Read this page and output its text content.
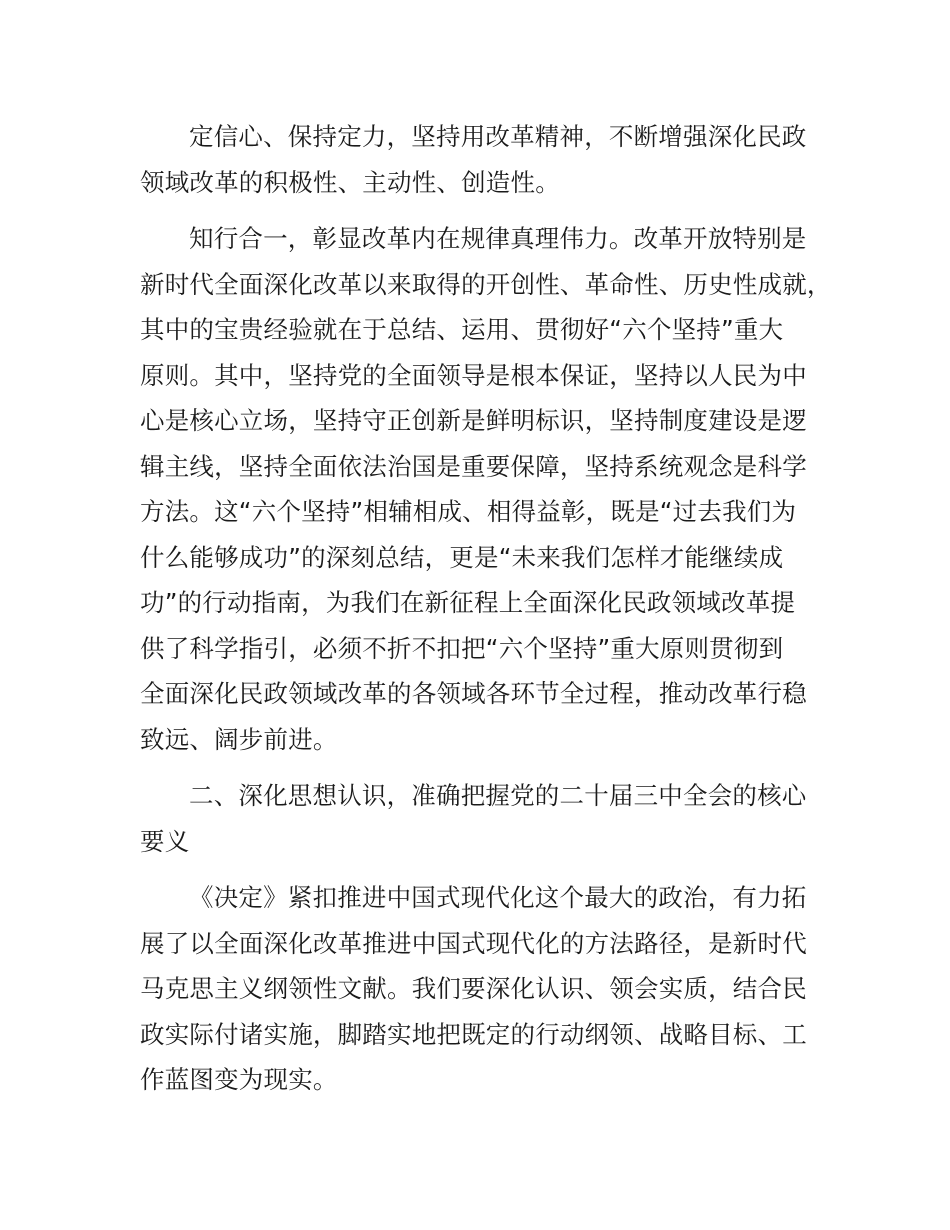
定信心、保持定力，坚持用改革精神，不断增强深化民政
领域改革的积极性、主动性、创造性。
知行合一，彰显改革内在规律真理伟力。改革开放特别是
新时代全面深化改革以来取得的开创性、革命性、历史性成就，
其中的宝贵经验就在于总结、运用、贯彻好“六个坚持”重大
原则。其中，坚持党的全面领导是根本保证，坚持以人民为中
心是核心立场，坚持守正创新是鲜明标识，坚持制度建设是逻
辑主线，坚持全面依法治国是重要保障，坚持系统观念是科学
方法。这“六个坚持”相辅相成、相得益彰，既是“过去我们为
什么能够成功”的深刻总结，更是“未来我们怎样才能继续成
功”的行动指南，为我们在新征程上全面深化民政领域改革提
供了科学指引，必须不折不扣把“六个坚持”重大原则贯彻到
全面深化民政领域改革的各领域各环节全过程，推动改革行稳
致远、阔步前进。
二、深化思想认识，准确把握党的二十届三中全会的核心
要义
《决定》紧扣推进中国式现代化这个最大的政治，有力拓
展了以全面深化改革推进中国式现代化的方法路径，是新时代
马克思主义纲领性文献。我们要深化认识、领会实质，结合民
政实际付诸实施，脚踏实地把既定的行动纲领、战略目标、工
作蓝图变为现实。
